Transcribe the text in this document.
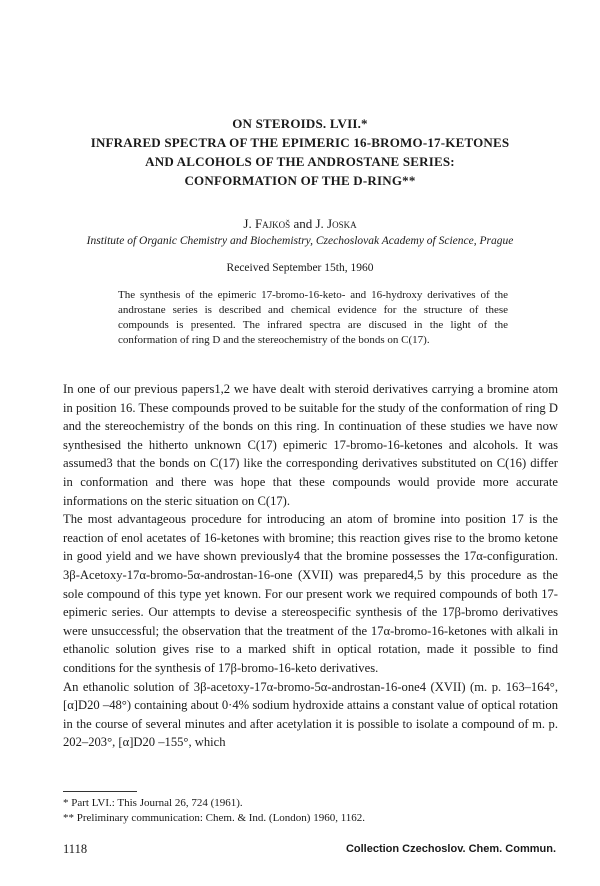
ON STEROIDS. LVII.*
INFRARED SPECTRA OF THE EPIMERIC 16-BROMO-17-KETONES
AND ALCOHOLS OF THE ANDROSTANE SERIES:
CONFORMATION OF THE D-RING**
J. Fajkoš and J. Joska
Institute of Organic Chemistry and Biochemistry, Czechoslovak Academy of Science, Prague
Received September 15th, 1960
The synthesis of the epimeric 17-bromo-16-keto- and 16-hydroxy derivatives of the androstane series is described and chemical evidence for the structure of these compounds is presented. The infrared spectra are discused in the light of the conformation of ring D and the stereochemistry of the bonds on C(17).

In one of our previous papers1,2 we have dealt with steroid derivatives carrying a bromine atom in position 16. These compounds proved to be suitable for the study of the conformation of ring D and the stereochemistry of the bonds on this ring. In continuation of these studies we have now synthesised the hitherto unknown C(17) epimeric 17-bromo-16-ketones and alcohols. It was assumed3 that the bonds on C(17) like the corresponding derivatives substituted on C(16) differ in conformation and there was hope that these compounds would provide more accurate informations on the steric situation on C(17).

The most advantageous procedure for introducing an atom of bromine into position 17 is the reaction of enol acetates of 16-ketones with bromine; this reaction gives rise to the bromo ketone in good yield and we have shown previously4 that the bromine possesses the 17α-configuration. 3β-Acetoxy-17α-bromo-5α-androstan-16-one (XVII) was prepared4,5 by this procedure as the sole compound of this type yet known. For our present work we required compounds of both 17-epimeric series. Our attempts to devise a stereospecific synthesis of the 17β-bromo derivatives were unsuccessful; the observation that the treatment of the 17α-bromo-16-ketones with alkali in ethanolic solution gives rise to a marked shift in optical rotation, made it possible to find conditions for the synthesis of 17β-bromo-16-keto derivatives.

An ethanolic solution of 3β-acetoxy-17α-bromo-5α-androstan-16-one4 (XVII) (m. p. 163–164°, [α]D20 –48°) containing about 0·4% sodium hydroxide attains a constant value of optical rotation in the course of several minutes and after acetylation it is possible to isolate a compound of m. p. 202–203°, [α]D20 –155°, which

* Part LVI.: This Journal 26, 724 (1961).
** Preliminary communication: Chem. & Ind. (London) 1960, 1162.
1118	Collection Czechoslov. Chem. Commun.
